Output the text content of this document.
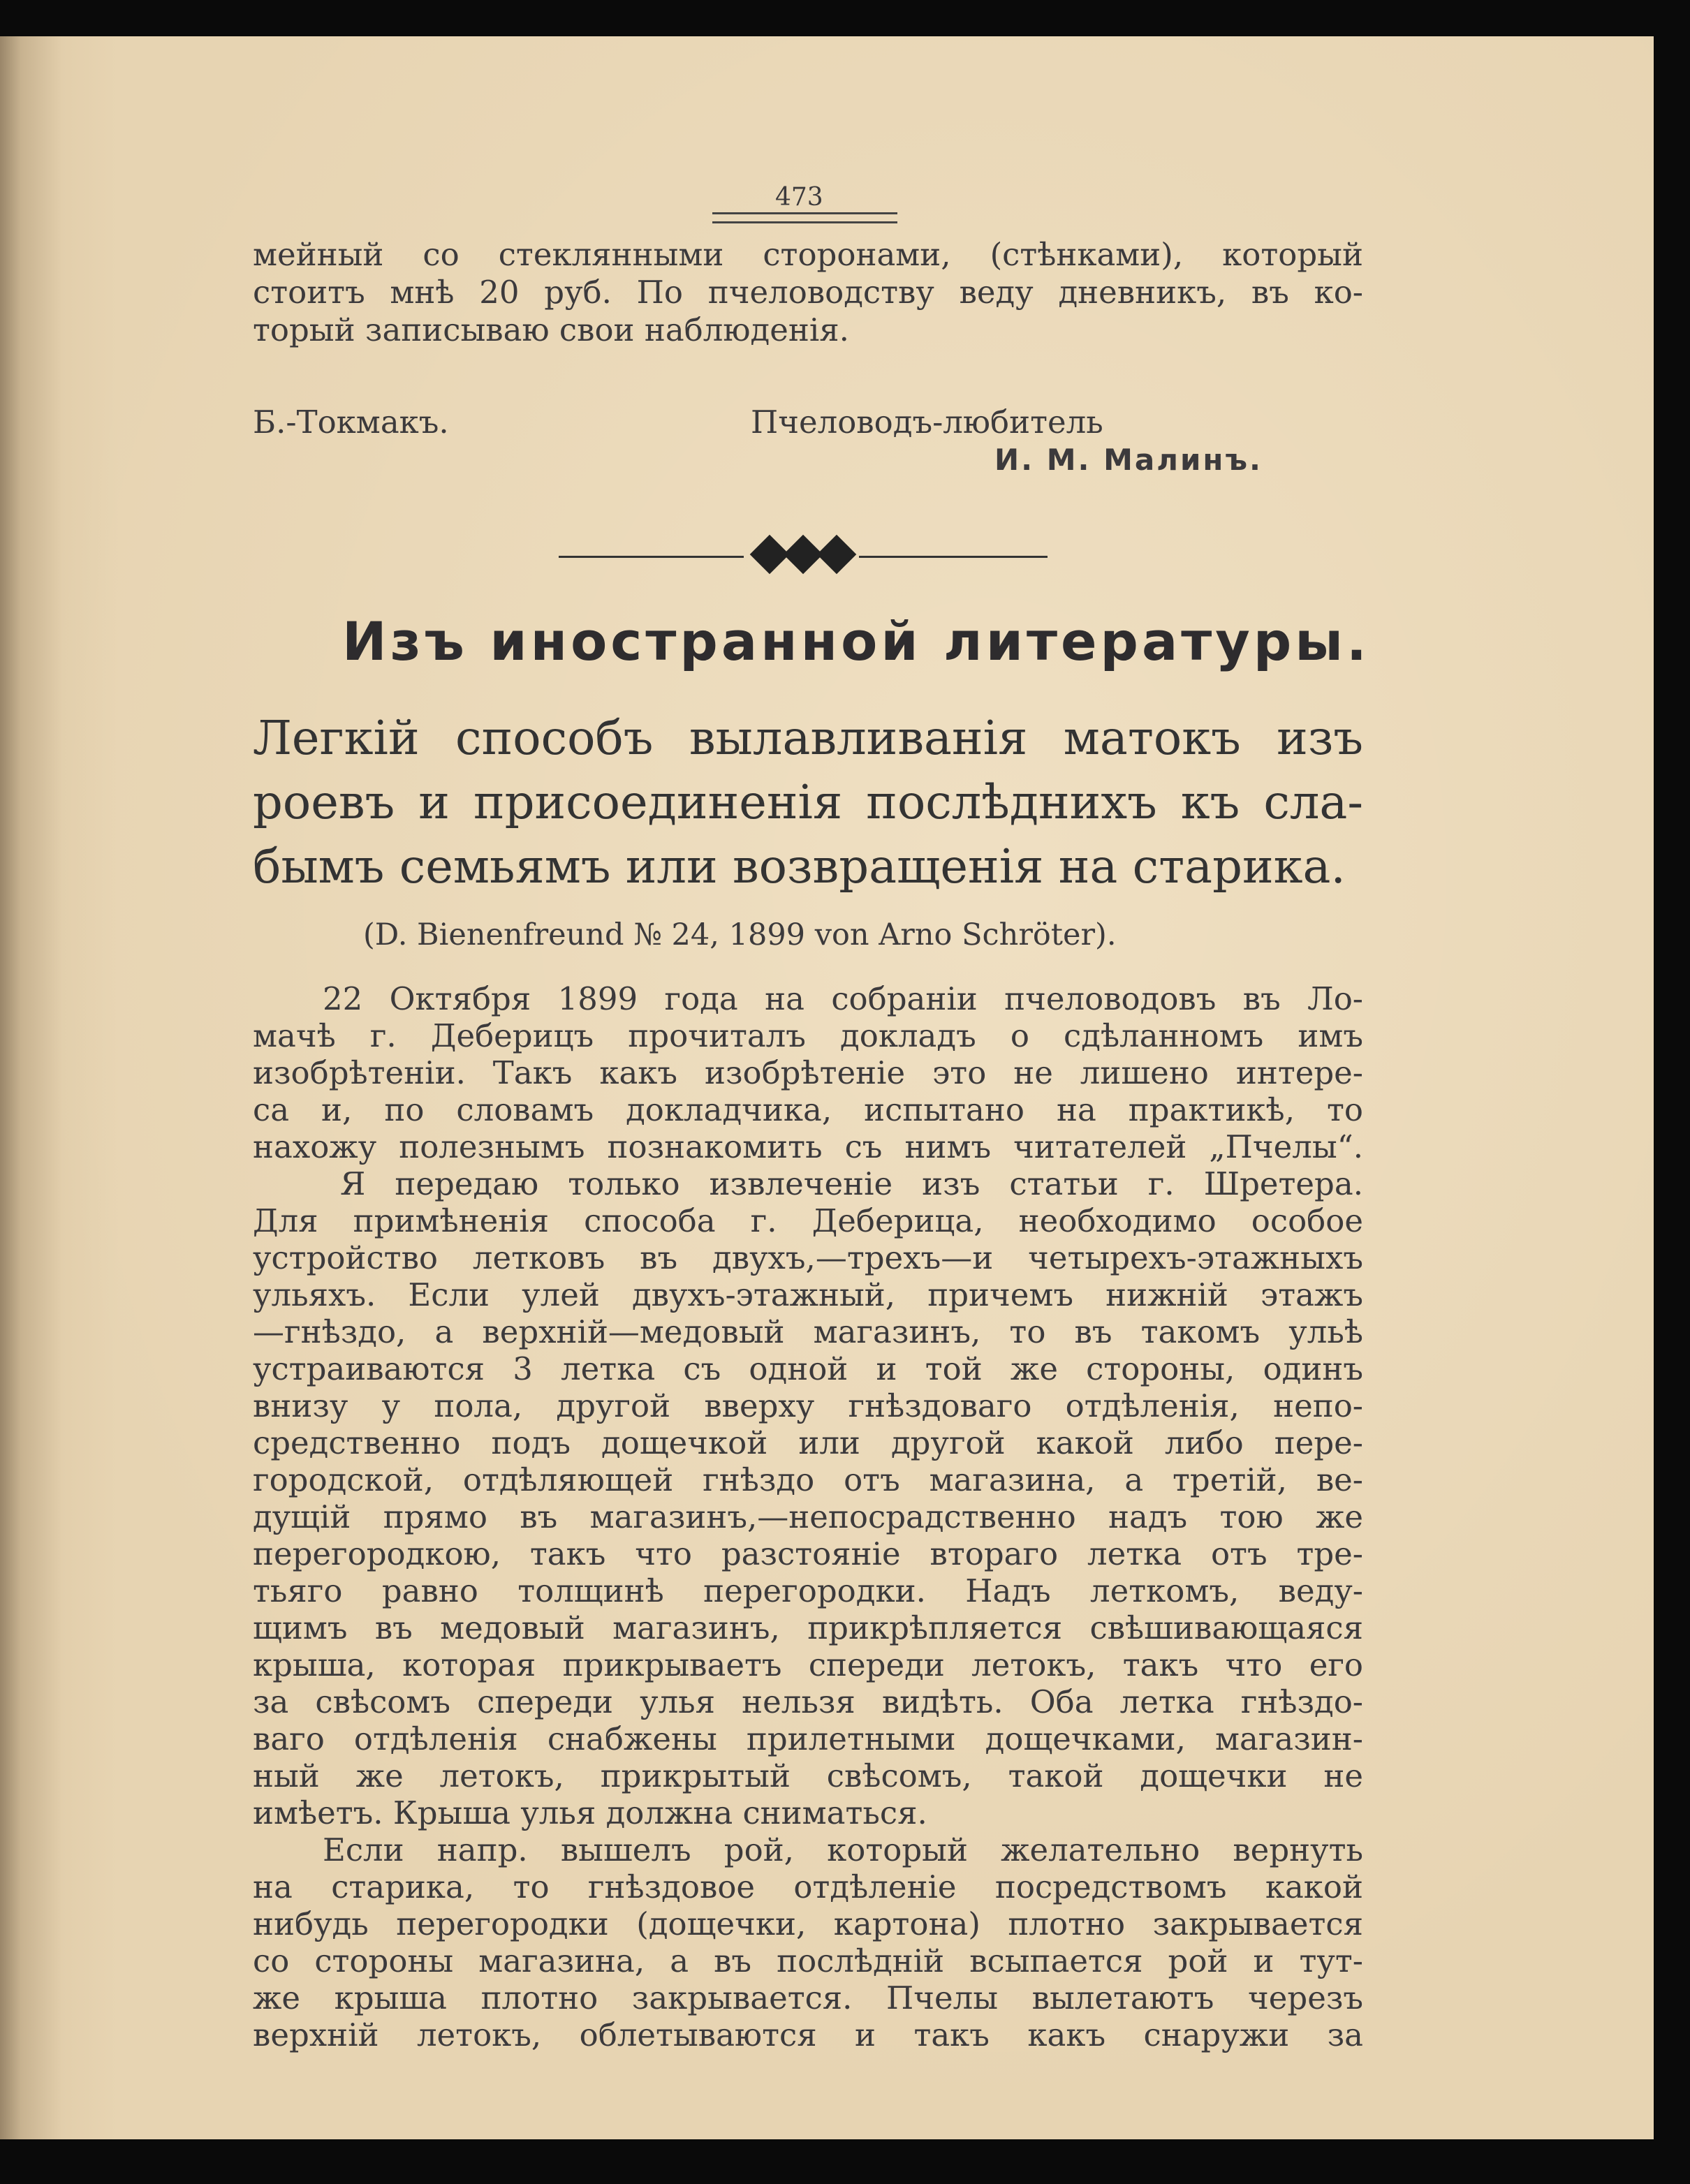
473
мейный со стеклянными сторонами, (стѣнками), который
стоитъ мнѣ 20 руб. По пчеловодству веду дневникъ, въ ко-
торый записываю свои наблюденія.
Б.-Токмакъ.	Пчеловодъ-любитель
И. М. Малинъ.
Изъ иностранной литературы.
Легкій способъ вылавливанія матокъ изъ
роевъ и присоединенія послѣднихъ къ сла-
бымъ семьямъ или возвращенія на старика.
(D. Bienenfreund № 24, 1899 von Arno Schröter).
22 Октября 1899 года на собраніи пчеловодовъ въ Ло-
мачѣ г. Деберицъ прочиталъ докладъ о сдѣланномъ имъ
изобрѣтеніи. Такъ какъ изобрѣтеніе это не лишено интере-
са и, по словамъ докладчика, испытано на практикѣ, то
нахожу полезнымъ познакомить съ нимъ читателей „Пчелы“.
Я передаю только извлеченіе изъ статьи г. Шретера.
Для примѣненія способа г. Деберица, необходимо особое
устройство летковъ въ двухъ,—трехъ—и четырехъ-этажныхъ
ульяхъ. Если улей двухъ-этажный, причемъ нижній этажъ
—гнѣздо, а верхній—медовый магазинъ, то въ такомъ ульѣ
устраиваются 3 летка съ одной и той же стороны, одинъ
внизу у пола, другой вверху гнѣздоваго отдѣленія, непо-
средственно подъ дощечкой или другой какой либо пере-
городской, отдѣляющей гнѣздо отъ магазина, а третій, ве-
дущій прямо въ магазинъ,—непосрадственно надъ тою же
перегородкою, такъ что разстояніе втораго летка отъ тре-
тьяго равно толщинѣ перегородки. Надъ леткомъ, веду-
щимъ въ медовый магазинъ, прикрѣпляется свѣшивающаяся
крыша, которая прикрываетъ спереди летокъ, такъ что его
за свѣсомъ спереди улья нельзя видѣть. Оба летка гнѣздо-
ваго отдѣленія снабжены прилетными дощечками, магазин-
ный же летокъ, прикрытый свѣсомъ, такой дощечки не
имѣетъ. Крыша улья должна сниматься.
Если напр. вышелъ рой, который желательно вернуть
на старика, то гнѣздовое отдѣленіе посредствомъ какой
нибудь перегородки (дощечки, картона) плотно закрывается
со стороны магазина, а въ послѣдній всыпается рой и тут-
же крыша плотно закрывается. Пчелы вылетаютъ черезъ
верхній летокъ, облетываются и такъ какъ снаружи за
